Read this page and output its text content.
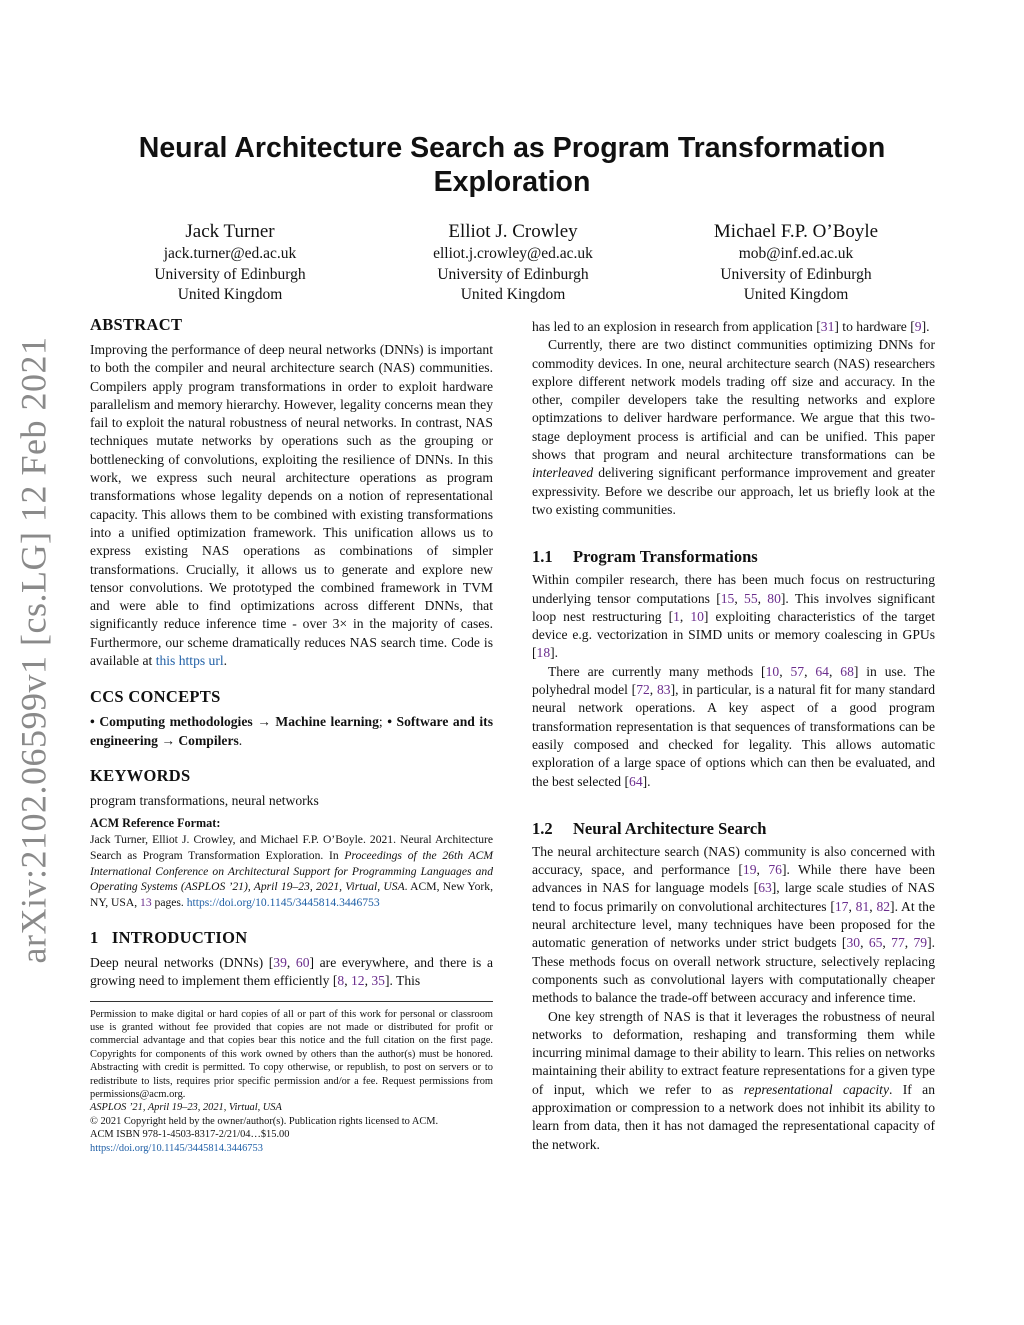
arXiv:2102.06599v1 [cs.LG] 12 Feb 2021
Neural Architecture Search as Program Transformation Exploration
Jack Turner
jack.turner@ed.ac.uk
University of Edinburgh
United Kingdom
Elliot J. Crowley
elliot.j.crowley@ed.ac.uk
University of Edinburgh
United Kingdom
Michael F.P. O’Boyle
mob@inf.ed.ac.uk
University of Edinburgh
United Kingdom
ABSTRACT

Improving the performance of deep neural networks (DNNs) is important to both the compiler and neural architecture search (NAS) communities. Compilers apply program transformations in order to exploit hardware parallelism and memory hierarchy. However, legality concerns mean they fail to exploit the natural robustness of neural networks. In contrast, NAS techniques mutate networks by operations such as the grouping or bottlenecking of convolutions, exploiting the resilience of DNNs. In this work, we express such neural architecture operations as program transformations whose legality depends on a notion of representational capacity. This allows them to be combined with existing transformations into a unified optimization framework. This unification allows us to express existing NAS operations as combinations of simpler transformations. Crucially, it allows us to generate and explore new tensor convolutions. We prototyped the combined framework in TVM and were able to find optimizations across different DNNs, that significantly reduce inference time - over 3× in the majority of cases. Furthermore, our scheme dramatically reduces NAS search time. Code is available at this https url.

CCS CONCEPTS

• Computing methodologies → Machine learning; • Software and its engineering → Compilers.

KEYWORDS

program transformations, neural networks

ACM Reference Format:
Jack Turner, Elliot J. Crowley, and Michael F.P. O’Boyle. 2021. Neural Architecture Search as Program Transformation Exploration. In Proceedings of the 26th ACM International Conference on Architectural Support for Programming Languages and Operating Systems (ASPLOS ’21), April 19–23, 2021, Virtual, USA. ACM, New York, NY, USA, 13 pages. https://doi.org/10.1145/3445814.3446753

1 INTRODUCTION

Deep neural networks (DNNs) [39, 60] are everywhere, and there is a growing need to implement them efficiently [8, 12, 35]. This

Permission to make digital or hard copies of all or part of this work for personal or classroom use is granted without fee provided that copies are not made or distributed for profit or commercial advantage and that copies bear this notice and the full citation on the first page. Copyrights for components of this work owned by others than the author(s) must be honored. Abstracting with credit is permitted. To copy otherwise, or republish, to post on servers or to redistribute to lists, requires prior specific permission and/or a fee. Request permissions from permissions@acm.org.

ASPLOS ’21, April 19–23, 2021, Virtual, USA

© 2021 Copyright held by the owner/author(s). Publication rights licensed to ACM.

ACM ISBN 978-1-4503-8317-2/21/04…$15.00

https://doi.org/10.1145/3445814.3446753

has led to an explosion in research from application [31] to hardware [9].

Currently, there are two distinct communities optimizing DNNs for commodity devices. In one, neural architecture search (NAS) researchers explore different network models trading off size and accuracy. In the other, compiler developers take the resulting networks and explore optimzations to deliver hardware performance. We argue that this two-stage deployment process is artificial and can be unified. This paper shows that program and neural architecture transformations can be interleaved delivering significant performance improvement and greater expressivity. Before we describe our approach, let us briefly look at the two existing communities.

1.1 Program Transformations

Within compiler research, there has been much focus on restructuring underlying tensor computations [15, 55, 80]. This involves significant loop nest restructuring [1, 10] exploiting characteristics of the target device e.g. vectorization in SIMD units or memory coalescing in GPUs [18].

There are currently many methods [10, 57, 64, 68] in use. The polyhedral model [72, 83], in particular, is a natural fit for many standard neural network operations. A key aspect of a good program transformation representation is that sequences of transformations can be easily composed and checked for legality. This allows automatic exploration of a large space of options which can then be evaluated, and the best selected [64].

1.2 Neural Architecture Search

The neural architecture search (NAS) community is also concerned with accuracy, space, and performance [19, 76]. While there have been advances in NAS for language models [63], large scale studies of NAS tend to focus primarily on convolutional architectures [17, 81, 82]. At the neural architecture level, many techniques have been proposed for the automatic generation of networks under strict budgets [30, 65, 77, 79]. These methods focus on overall network structure, selectively replacing components such as convolutional layers with computationally cheaper methods to balance the trade-off between accuracy and inference time.

One key strength of NAS is that it leverages the robustness of neural networks to deformation, reshaping and transforming them while incurring minimal damage to their ability to learn. This relies on networks maintaining their ability to extract feature representations for a given type of input, which we refer to as representational capacity. If an approximation or compression to a network does not inhibit its ability to learn from data, then it has not damaged the representational capacity of the network.
